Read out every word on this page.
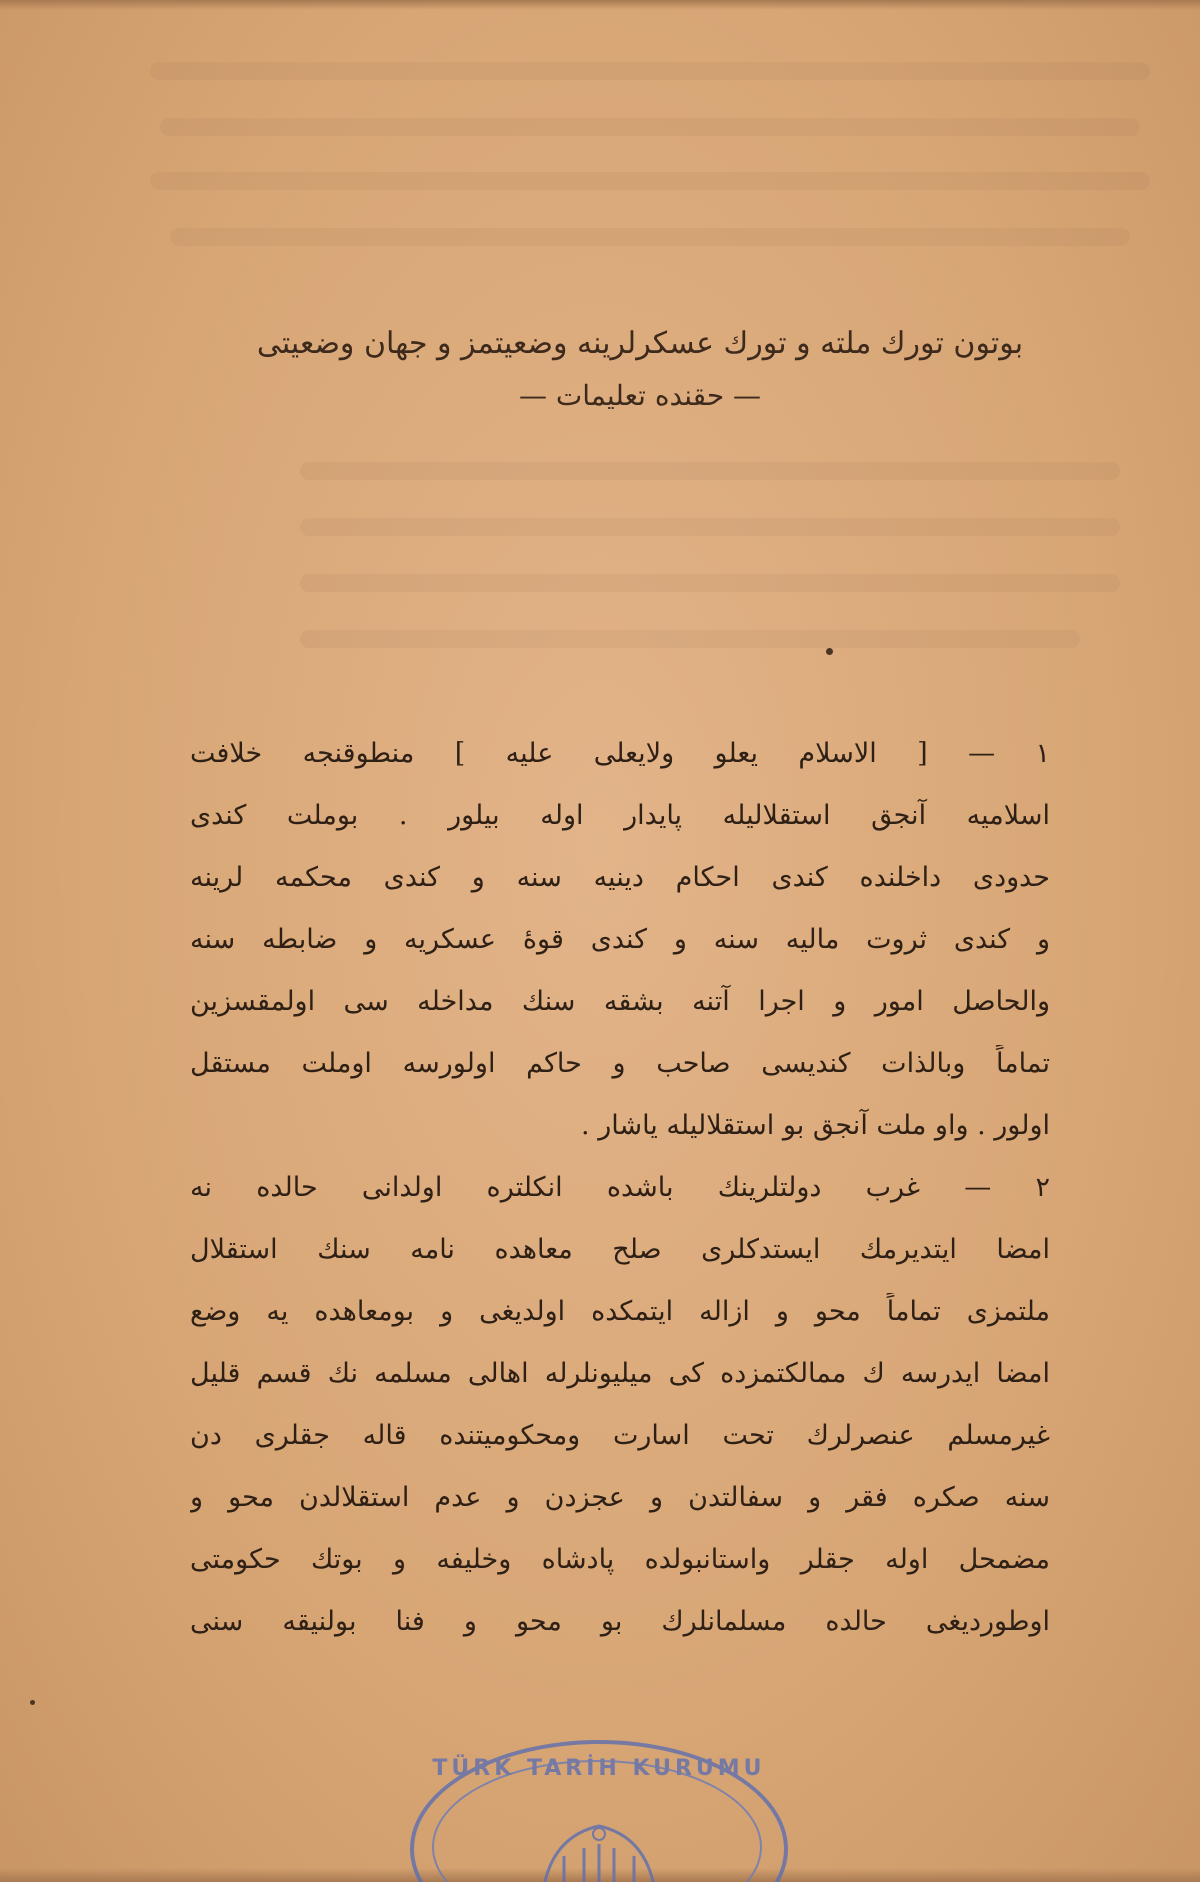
بوتون تورك ملته و تورك عسكرلرينه وضعيتمز و جهان وضعيتى
— حقنده تعليمات —
١ — [ الاسلام يعلو ولايعلى عليه ] منطوقنجه خلافت
اسلاميه آنجق استقلاليله پايدار اوله بيلور . بوملت كندى
حدودى داخلنده كندى احكام دينيه سنه و كندى محكمه لرينه
و كندى ثروت ماليه سنه و كندى قوهٔ عسكريه و ضابطه سنه
والحاصل امور و اجرا آتنه بشقه سنك مداخله سى اولمقسزين
تماماً وبالذات كنديسى صاحب و حاكم اولورسه اوملت مستقل
اولور . واو ملت آنجق بو استقلاليله ياشار .
٢ — غرب دولتلرينك باشده انكلتره اولدانى حالده نه
امضا ايتديرمك ايستدكلرى صلح معاهده نامه سنك استقلال
ملتمزى تماماً محو و ازاله ايتمكده اولديغى و بومعاهده يه وضع
امضا ايدرسه ك ممالكتمزده كى ميليونلرله اهالى مسلمه نك قسم قليل
غيرمسلم عنصرلرك تحت اسارت ومحكوميتنده قاله جقلرى دن
سنه صكره فقر و سفالتدن و عجزدن و عدم استقلالدن محو و
مضمحل اوله جقلر واستانبولده پادشاه وخليفه و بوتك حكومتى
اوطورديغى حالده مسلمانلرك بو محو و فنا بولنيقه سنى
TÜRK TARİH KURUMU
